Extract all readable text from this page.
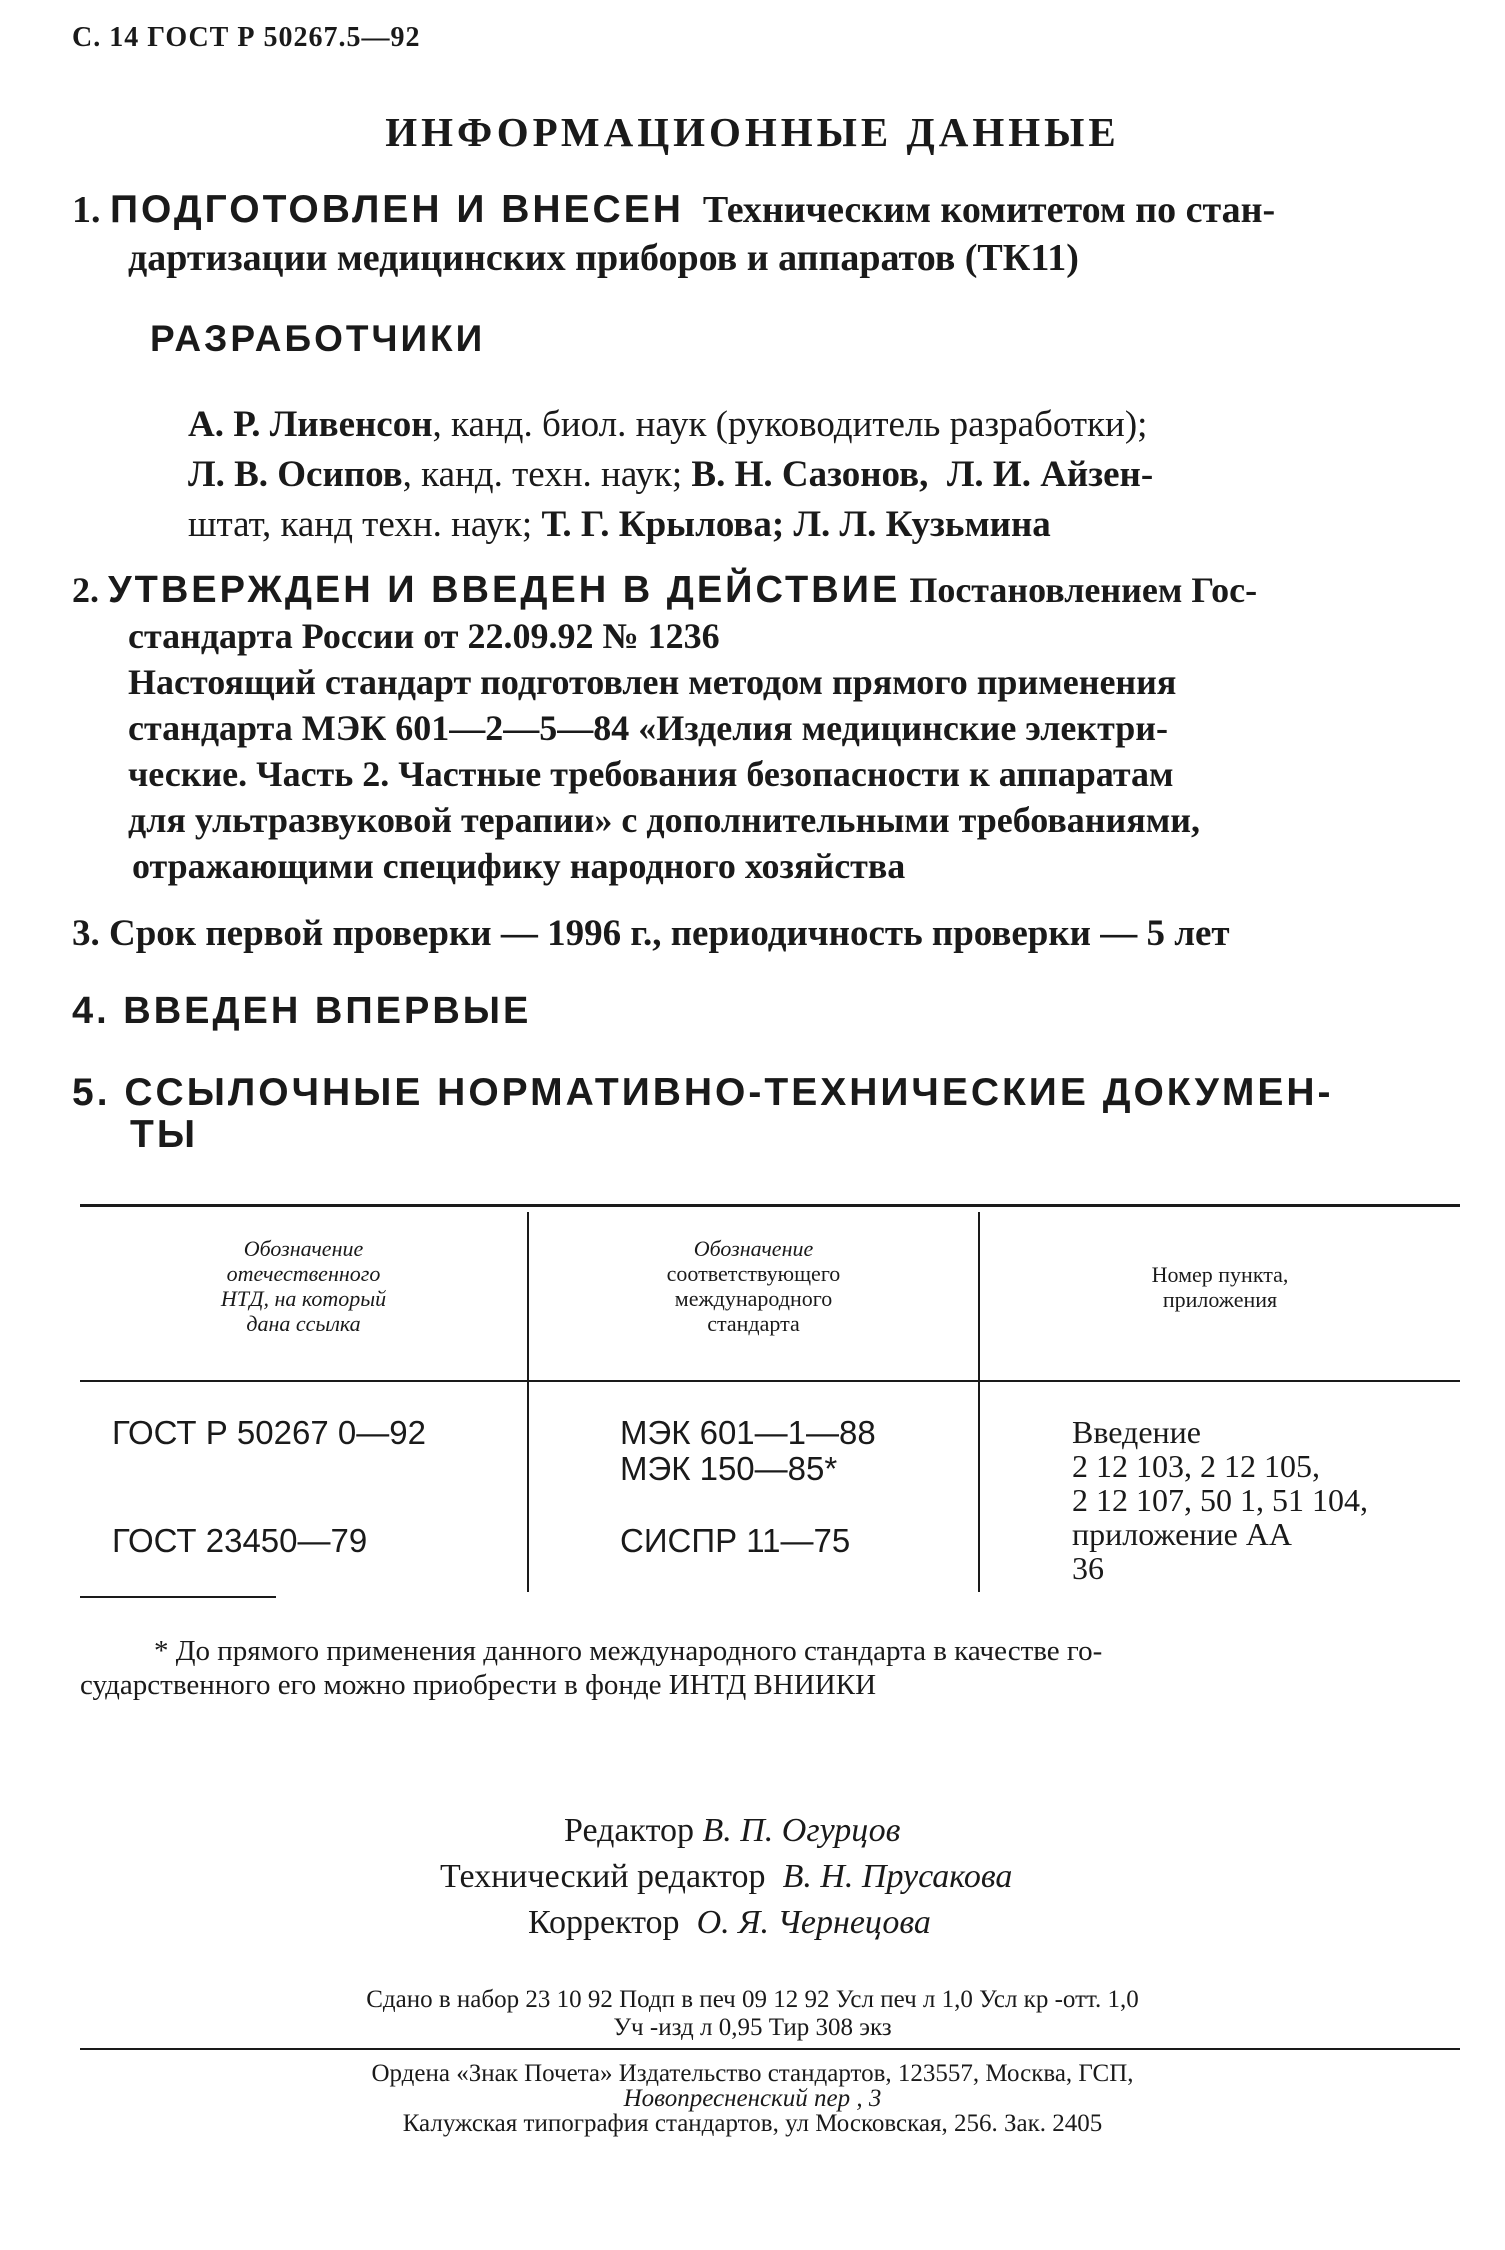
С. 14 ГОСТ Р 50267.5—92
ИНФОРМАЦИОННЫЕ ДАННЫЕ
1. ПОДГОТОВЛЕН И ВНЕСЕН Техническим комитетом по стан-
дартизации медицинских приборов и аппаратов (ТК11)
РАЗРАБОТЧИКИ
А. Р. Ливенсон, канд. биол. наук (руководитель разработки);
Л. В. Осипов, канд. техн. наук; В. Н. Сазонов, Л. И. Айзен-
штат, канд техн. наук; Т. Г. Крылова; Л. Л. Кузьмина
2. УТВЕРЖДЕН И ВВЕДЕН В ДЕЙСТВИЕ Постановлением Гос-
стандарта России от 22.09.92 № 1236
Настоящий стандарт подготовлен методом прямого применения
стандарта МЭК 601—2—5—84 «Изделия медицинские электри-
ческие. Часть 2. Частные требования безопасности к аппаратам
для ультразвуковой терапии» с дополнительными требованиями,
отражающими специфику народного хозяйства
3. Срок первой проверки — 1996 г., периодичность проверки — 5 лет
4. ВВЕДЕН ВПЕРВЫЕ
5. ССЫЛОЧНЫЕ НОРМАТИВНО-ТЕХНИЧЕСКИЕ ДОКУМЕН-
ТЫ
Обозначение
отечественного
НТД, на который
дана ссылка
Обозначение
соответствующего
международного
стандарта
Номер пункта,
приложения
ГОСТ Р 50267 0—92
ГОСТ 23450—79
МЭК 601—1—88
МЭК 150—85*
СИСПР 11—75
Введение
2 12 103, 2 12 105,
2 12 107, 50 1, 51 104,
приложение АА
36
* До прямого применения данного международного стандарта в качестве го-
сударственного его можно приобрести в фонде ИНТД ВНИИКИ
Редактор В. П. Огурцов
Технический редактор В. Н. Прусакова
Корректор О. Я. Чернецова
Сдано в набор 23 10 92 Подп в печ 09 12 92 Усл печ л 1,0 Усл кр -отт. 1,0
Уч -изд л 0,95 Тир 308 экз
Ордена «Знак Почета» Издательство стандартов, 123557, Москва, ГСП,
Новопресненский пер , 3
Калужская типография стандартов, ул Московская, 256. Зак. 2405
